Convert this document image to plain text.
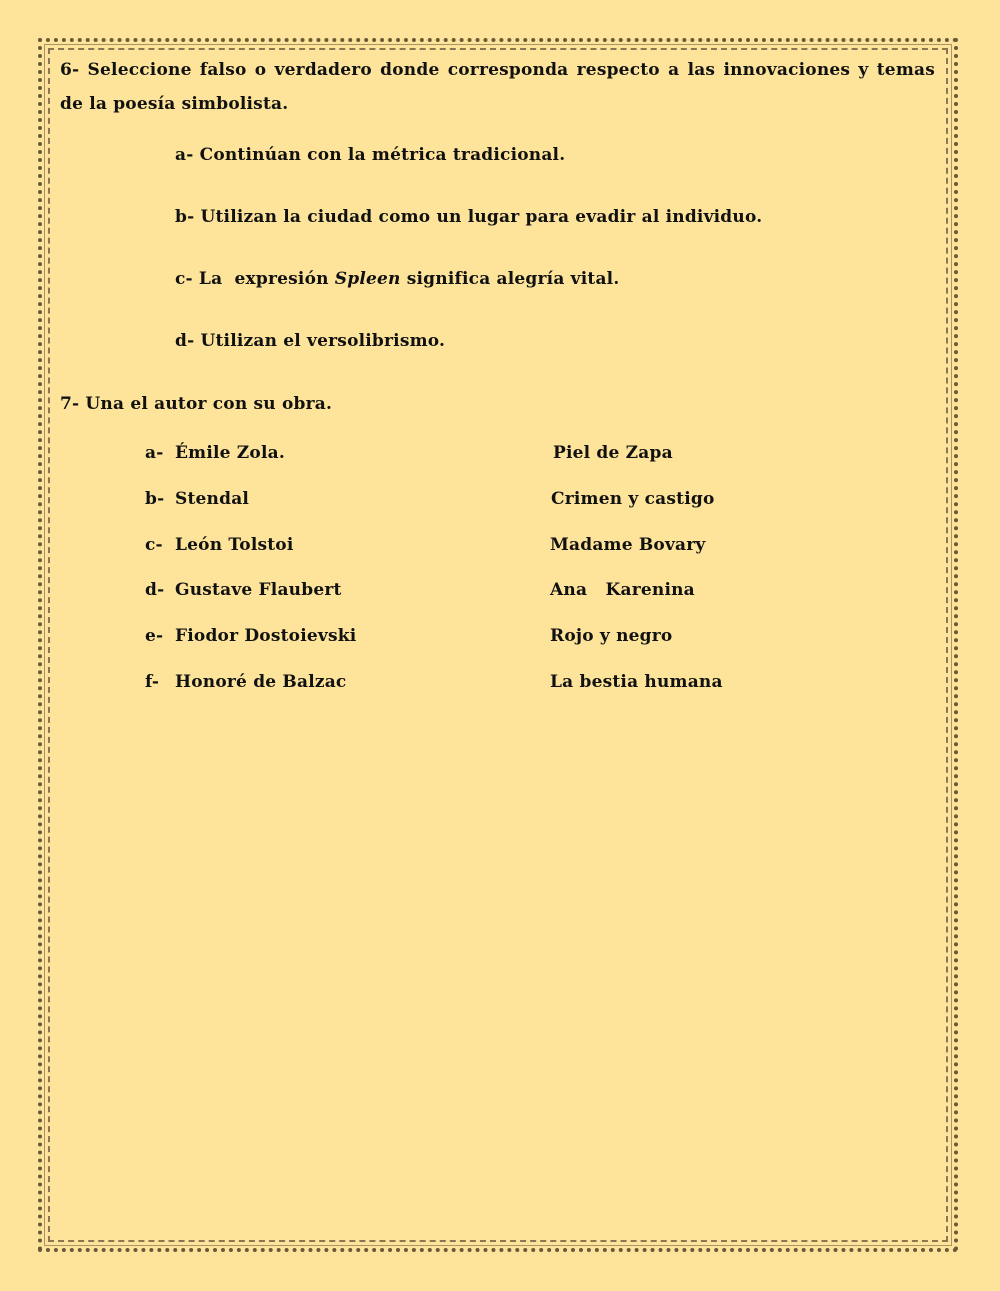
6- Seleccione falso o verdadero donde corresponda respecto a las innovaciones y temas de la poesía simbolista.
a- Continúan con la métrica tradicional.
b- Utilizan la ciudad como un lugar para evadir al individuo.
c- La  expresión Spleen significa alegría vital.
d- Utilizan el versolibrismo.
7- Una el autor con su obra.
a- Émile Zola.
b- Stendal
c- León Tolstoi
d- Gustave Flaubert
e- Fiodor Dostoievski
f- Honoré de Balzac
Piel de Zapa
Crimen y castigo
Madame Bovary
Ana   Karenina
Rojo y negro
La bestia humana
